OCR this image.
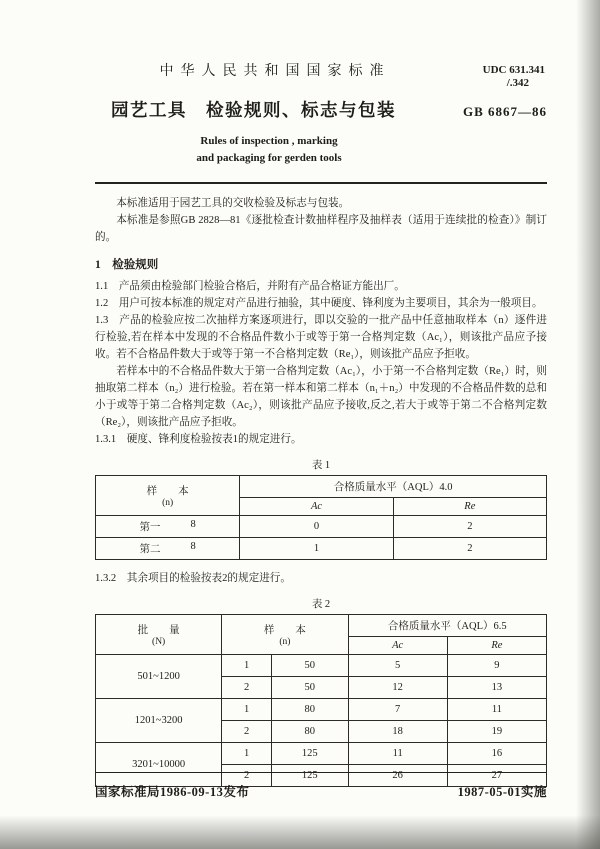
中华人民共和国国家标准	UDC 631.341
/.342
园艺工具　检验规则、标志与包装	GB 6867—86
Rules of inspection , marking
and packaging for gerden tools

本标准适用于园艺工具的交收检验及标志与包装。

本标准是参照GB 2828—81《逐批检查计数抽样程序及抽样表（适用于连续批的检查）》制订的。

1　检验规则

1.1　产品须由检验部门检验合格后，并附有产品合格证方能出厂。

1.2　用户可按本标准的规定对产品进行抽验，其中硬度、锋利度为主要项目，其余为一般项目。

1.3　产品的检验应按二次抽样方案逐项进行，即以交验的一批产品中任意抽取样本（n）逐件进行检验,若在样本中发现的不合格品件数小于或等于第一合格判定数（Ac₁），则该批产品应予接收。若不合格品件数大于或等于第一不合格判定数（Re₁），则该批产品应予拒收。

若样本中的不合格品件数大于第一合格判定数（Ac₁），小于第一不合格判定数（Re₁）时，则抽取第二样本（n₂）进行检验。若在第一样本和第二样本（n₁＋n₂）中发现的不合格品件数的总和小于或等于第二合格判定数（Ac₂），则该批产品应予接收,反之,若大于或等于第二不合格判定数（Re₂），则该批产品应予拒收。

1.3.1　硬度、锋利度检验按表1的规定进行。

表 1
样　　本
(n)	合格质量水平（AQL）4.0	
	Ac	Re

第一 8	0	2

第二 8	1	2

1.3.2　其余项目的检验按表2的规定进行。

表 2
批　　量
(N)

样　　本
(n)
	合格质量水平（AQL）6.5
			Ac	Re
501~1200	1	50	5	9
	2	50	12	13
1201~3200	1	80	7	11
	2	80	18	19
3201~10000	1	125	11	16
	2	125	26	27
国家标准局1986-09-13发布	1987-05-01实施
